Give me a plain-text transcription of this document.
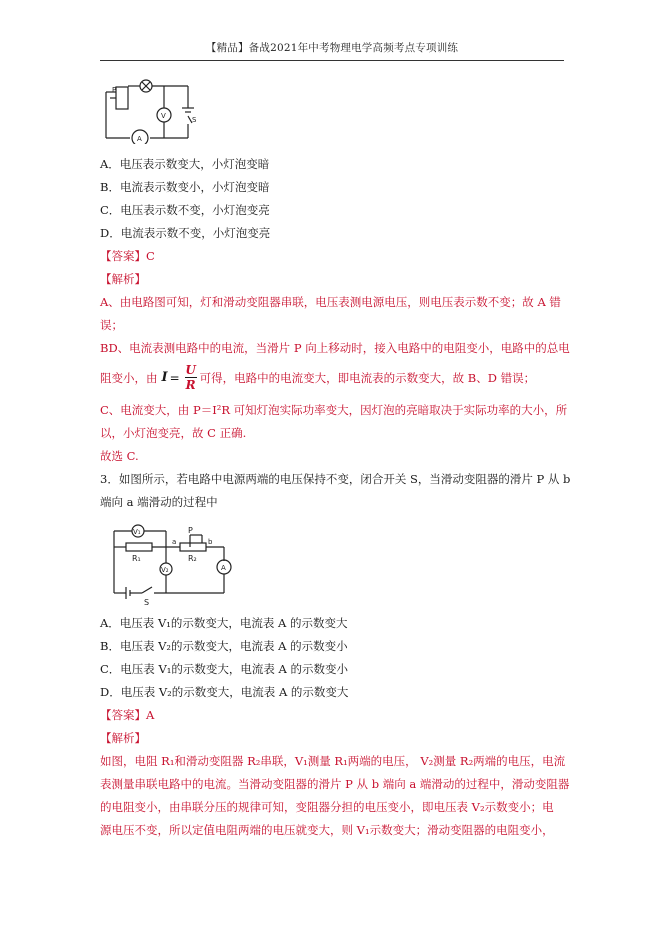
【精品】备战2021年中考物理电学高频考点专项训练
P
S
V
A
A．电压表示数变大，小灯泡变暗
B．电流表示数变小，小灯泡变暗
C．电压表示数不变，小灯泡变亮
D．电流表示数不变，小灯泡变亮
【答案】C
【解析】
A、由电路图可知，灯和滑动变阻器串联，电压表测电源电压，则电压表示数不变；故 A 错
误；
BD、电流表测电路中的电流，当滑片 P 向上移动时，接入电路中的电阻变小，电路中的总电
阻变小，由 $I = \frac{U}{R}$ 可得，电路中的电流变大，即电流表的示数变大，故 B、D 错误；
C、电流变大，由 P＝I²R 可知灯泡实际功率变大，因灯泡的亮暗取决于实际功率的大小，所
以，小灯泡变亮，故 C 正确.
故选 C.
3．如图所示，若电路中电源两端的电压保持不变，闭合开关 S，当滑动变阻器的滑片 P 从 b
端向 a 端滑动的过程中
V₁
V₂	A
R₁	R₂
P
a	b
S
A．电压表 V₁的示数变大，电流表 A 的示数变大
B．电压表 V₂的示数变大，电流表 A 的示数变小
C．电压表 V₁的示数变大，电流表 A 的示数变小
D．电压表 V₂的示数变大，电流表 A 的示数变大
【答案】A
【解析】
如图，电阻 R₁和滑动变阻器 R₂串联，V₁测量 R₁两端的电压， V₂测量 R₂两端的电压，电流
表测量串联电路中的电流。当滑动变阻器的滑片 P 从 b 端向 a 端滑动的过程中，滑动变阻器
的电阻变小，由串联分压的规律可知，变阻器分担的电压变小，即电压表 V₂示数变小；电
源电压不变，所以定值电阻两端的电压就变大，则 V₁示数变大；滑动变阻器的电阻变小，
